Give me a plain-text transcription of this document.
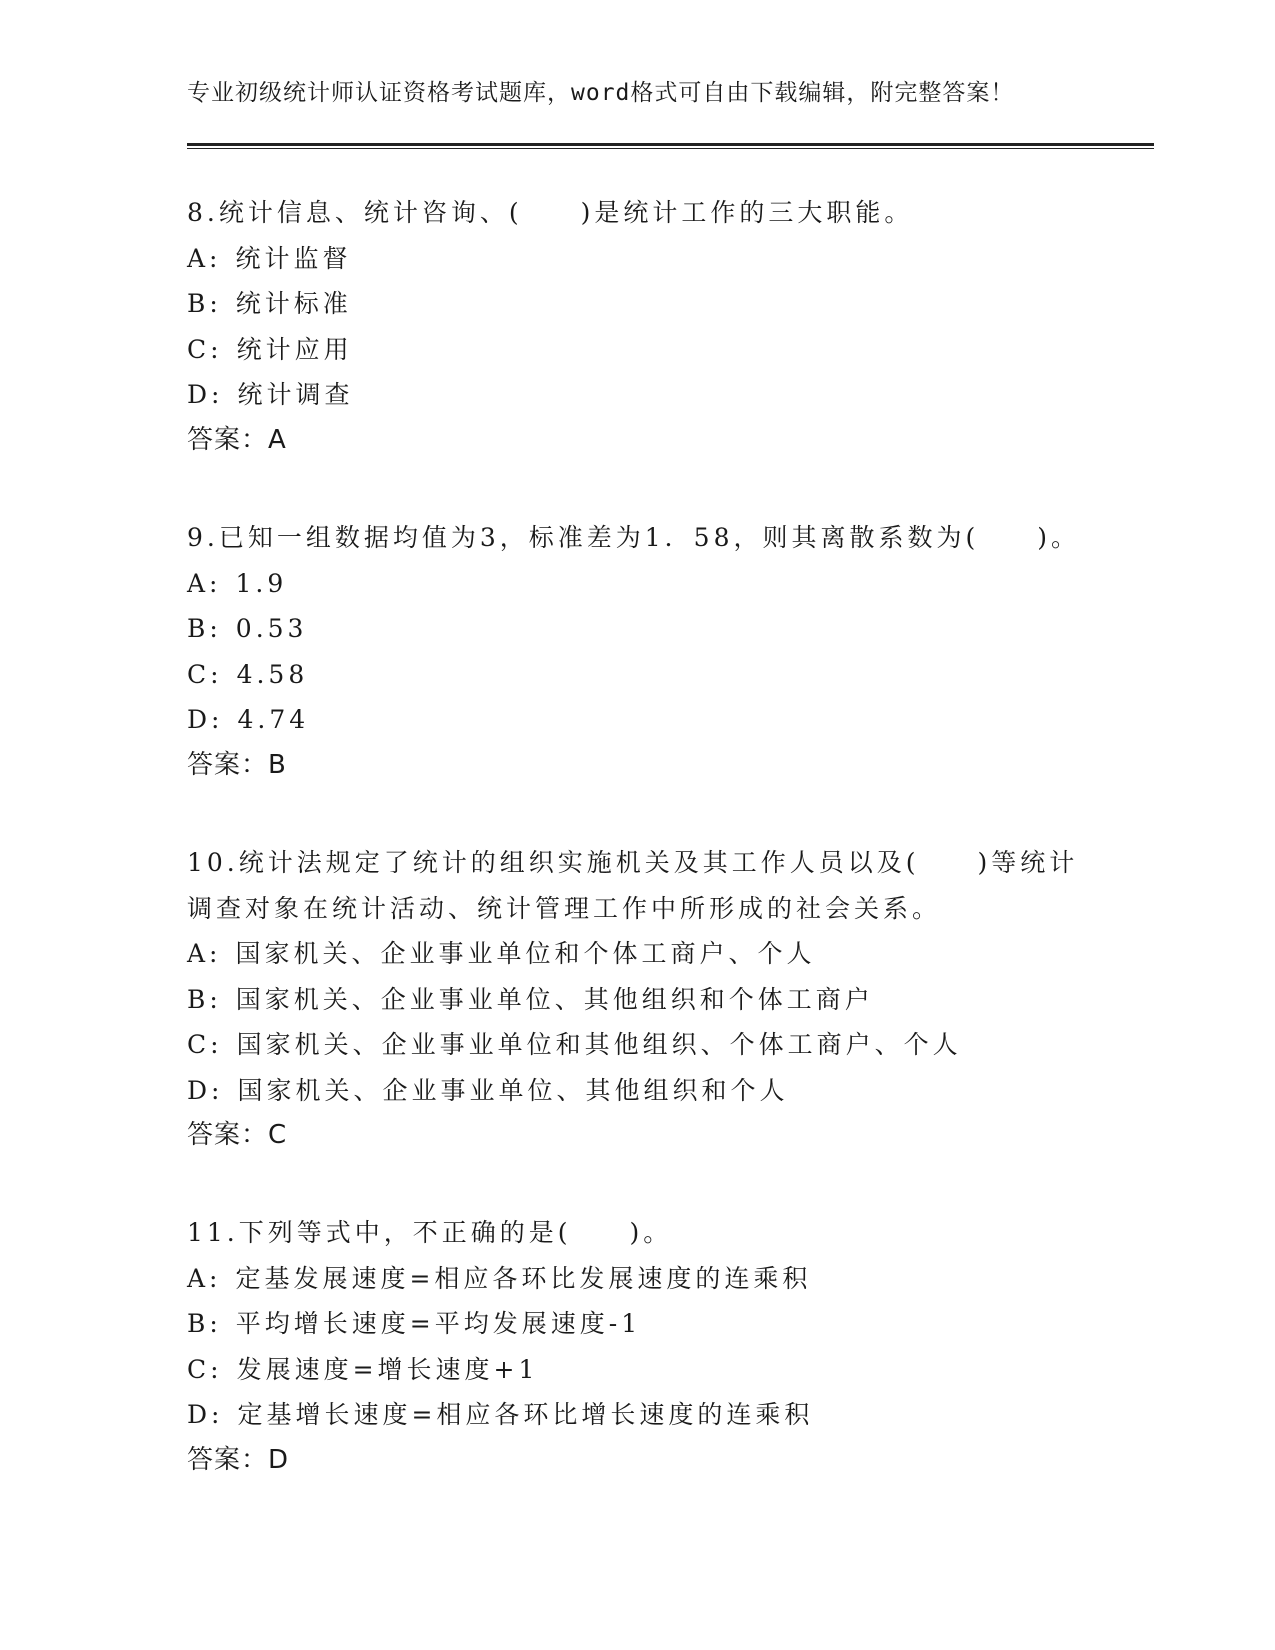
专业初级统计师认证资格考试题库，word格式可自由下载编辑，附完整答案！
8.统计信息、统计咨询、(　　)是统计工作的三大职能。
A: 统计监督
B: 统计标准
C: 统计应用
D: 统计调查
答案：A
9.已知一组数据均值为3，标准差为1．58，则其离散系数为(　　)。
A: 1.9
B: 0.53
C: 4.58
D: 4.74
答案：B
10.统计法规定了统计的组织实施机关及其工作人员以及(　　)等统计
调查对象在统计活动、统计管理工作中所形成的社会关系。
A: 国家机关、企业事业单位和个体工商户、个人
B: 国家机关、企业事业单位、其他组织和个体工商户
C: 国家机关、企业事业单位和其他组织、个体工商户、个人
D: 国家机关、企业事业单位、其他组织和个人
答案：C
11.下列等式中，不正确的是(　　)。
A: 定基发展速度=相应各环比发展速度的连乘积
B: 平均增长速度=平均发展速度-1
C: 发展速度=增长速度+1
D: 定基增长速度=相应各环比增长速度的连乘积
答案：D
